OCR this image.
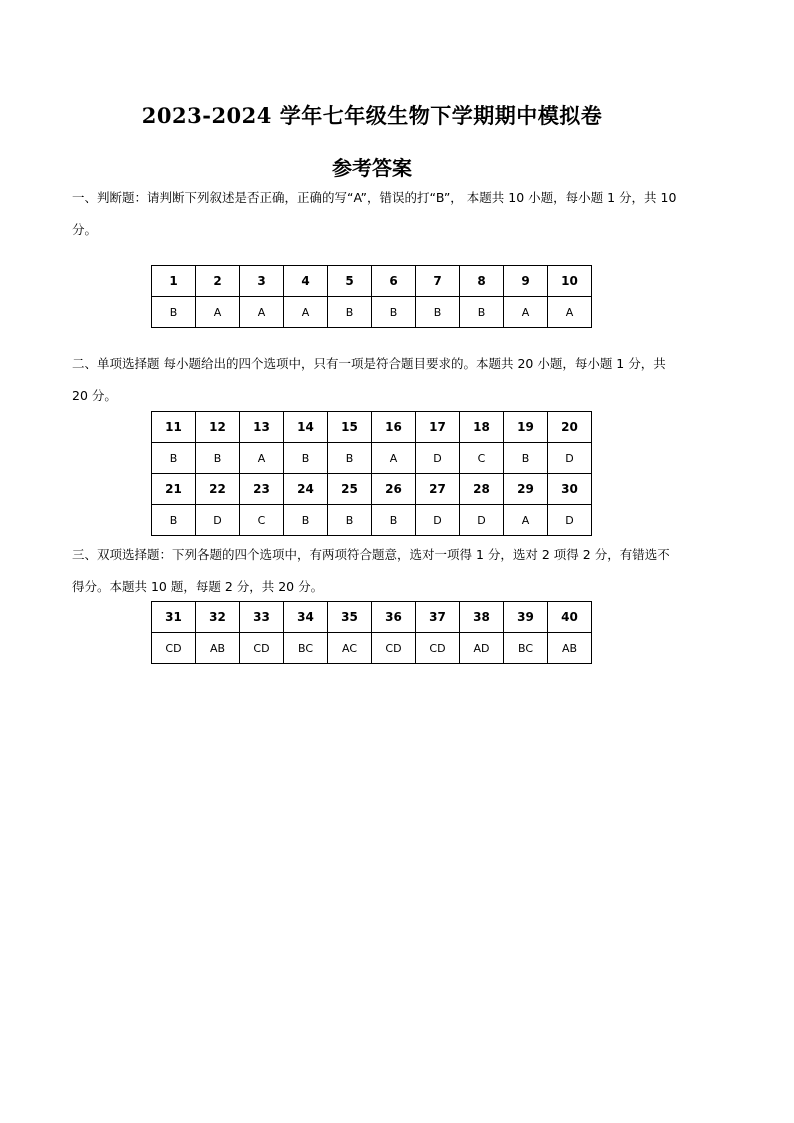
2023-2024 学年七年级生物下学期期中模拟卷
参考答案

一、判断题：请判断下列叙述是否正确，正确的写“A”，错误的打“B”， 本题共 10 小题，每小题 1 分，共 10 分。

1	2	3	4	5	6	7	8	9	10
B	A	A	A	B	B	B	B	A	A

二、单项选择题 每小题给出的四个选项中，只有一项是符合题目要求的。本题共 20 小题，每小题 1 分，共 20 分。

11	12	13	14	15	16	17	18	19	20
B	B	A	B	B	A	D	C	B	D
21	22	23	24	25	26	27	28	29	30
B	D	C	B	B	B	D	D	A	D

三、双项选择题：下列各题的四个选项中，有两项符合题意，选对一项得 1 分，选对 2 项得 2 分，有错选不得分。本题共 10 题，每题 2 分，共 20 分。

31	32	33	34	35	36	37	38	39	40
CD	AB	CD	BC	AC	CD	CD	AD	BC	AB
